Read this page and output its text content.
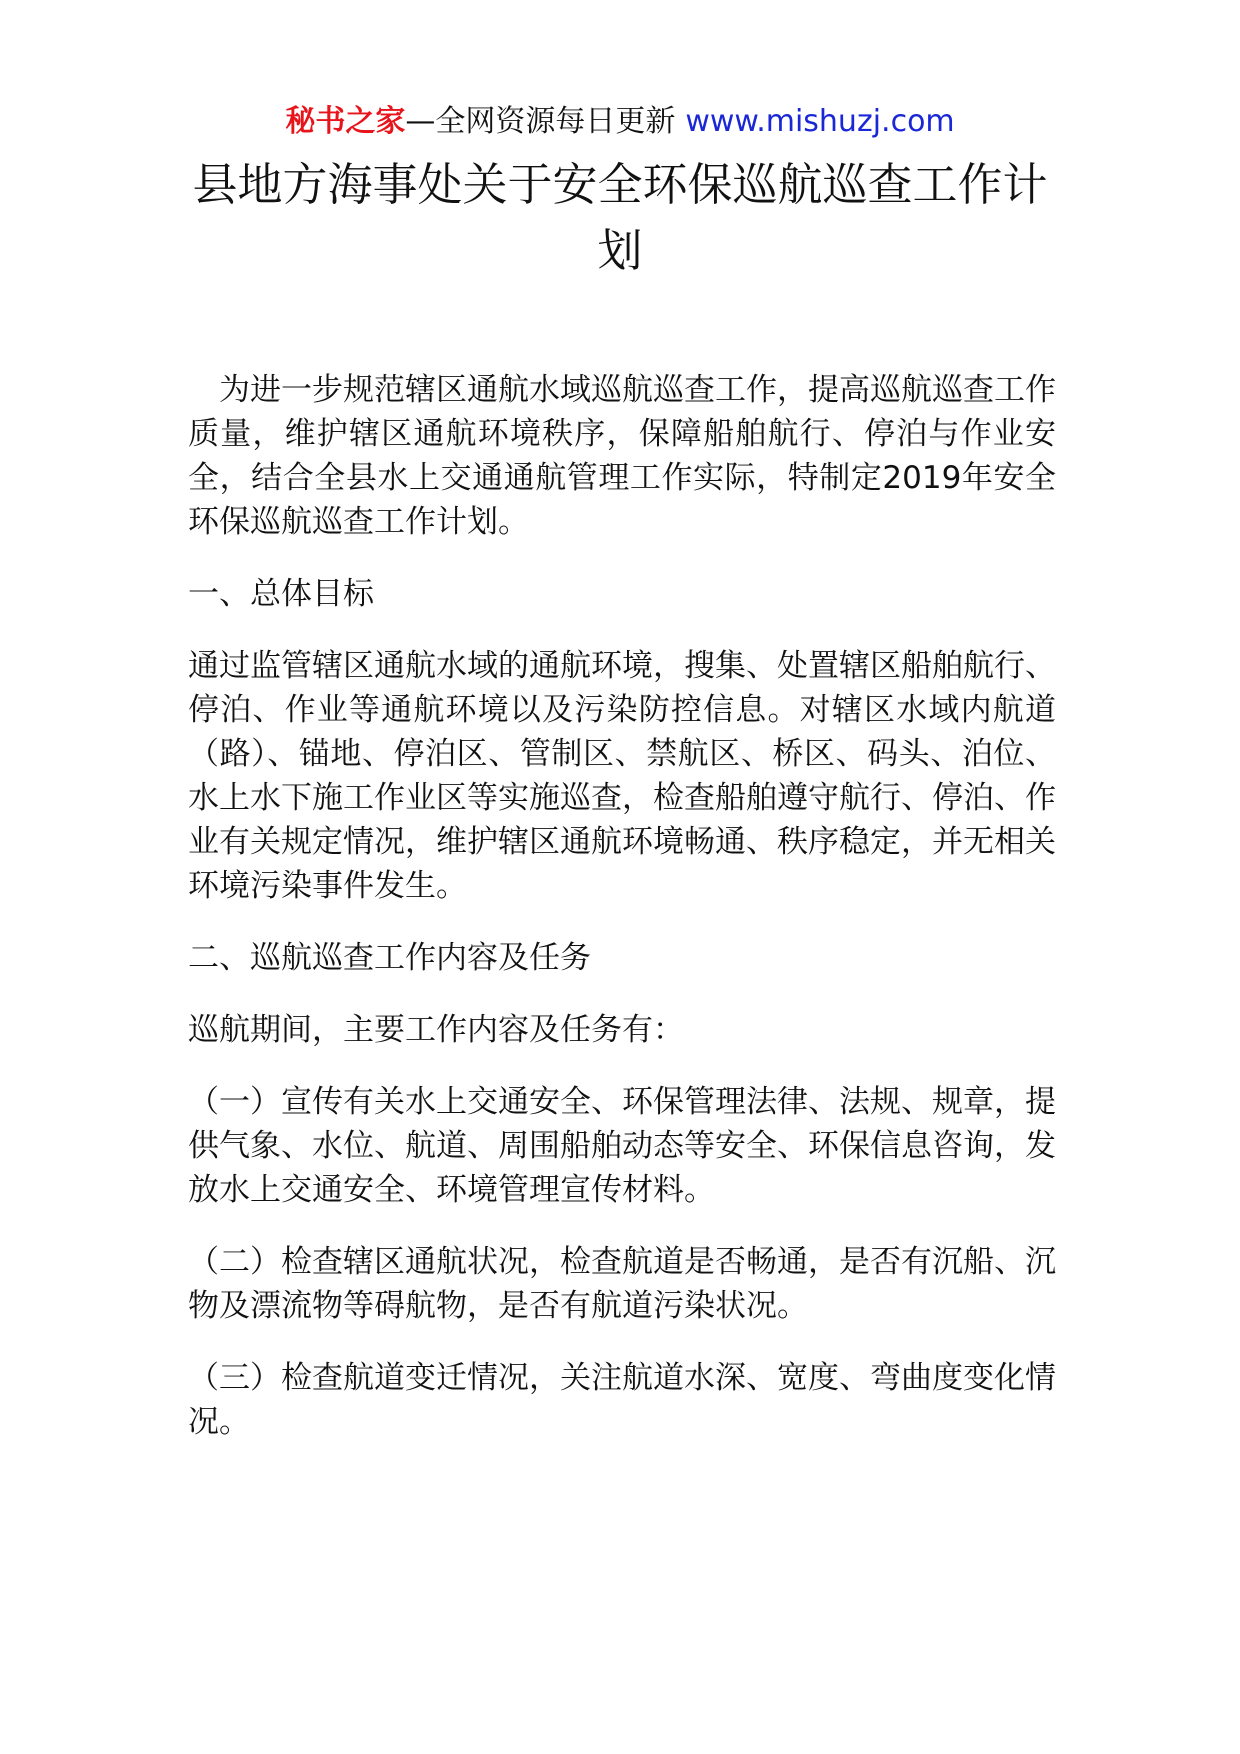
秘书之家—全网资源每日更新 www.mishuzj.com
县地方海事处关于安全环保巡航巡查工作计划

为进一步规范辖区通航水域巡航巡查工作，提高巡航巡查工作质量，维护辖区通航环境秩序，保障船舶航行、停泊与作业安全，结合全县水上交通通航管理工作实际，特制定2019年安全环保巡航巡查工作计划。

一、总体目标

通过监管辖区通航水域的通航环境，搜集、处置辖区船舶航行、停泊、作业等通航环境以及污染防控信息。对辖区水域内航道（路）、锚地、停泊区、管制区、禁航区、桥区、码头、泊位、水上水下施工作业区等实施巡查，检查船舶遵守航行、停泊、作业有关规定情况，维护辖区通航环境畅通、秩序稳定，并无相关环境污染事件发生。

二、巡航巡查工作内容及任务

巡航期间，主要工作内容及任务有：

（一）宣传有关水上交通安全、环保管理法律、法规、规章，提供气象、水位、航道、周围船舶动态等安全、环保信息咨询，发放水上交通安全、环境管理宣传材料。

（二）检查辖区通航状况，检查航道是否畅通，是否有沉船、沉物及漂流物等碍航物，是否有航道污染状况。

（三）检查航道变迁情况，关注航道水深、宽度、弯曲度变化情况。
